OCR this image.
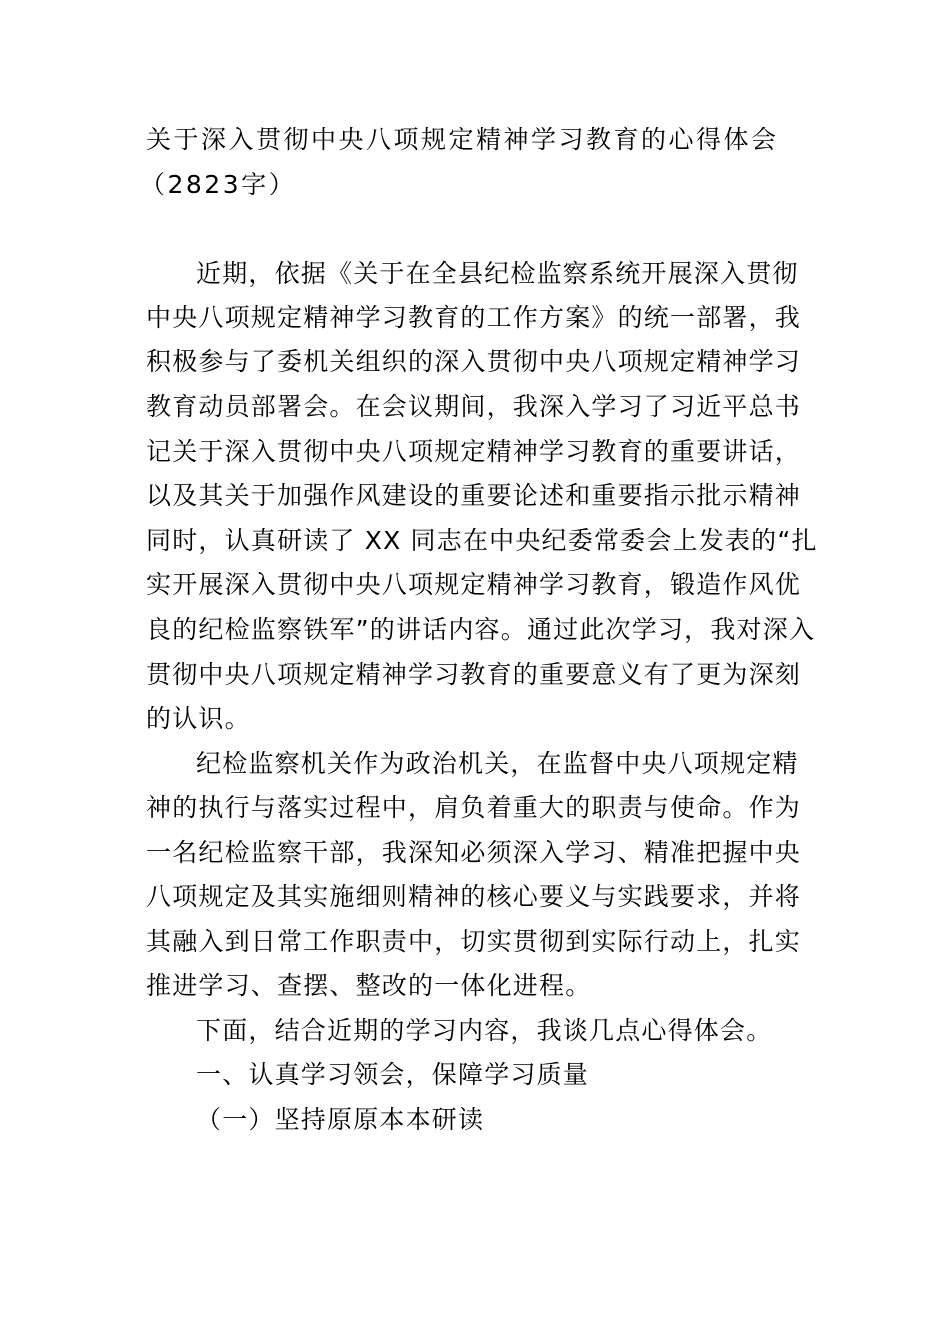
关于深入贯彻中央八项规定精神学习教育的心得体会
（2823字）
近期，依据《关于在全县纪检监察系统开展深入贯彻
中央八项规定精神学习教育的工作方案》的统一部署，我
积极参与了委机关组织的深入贯彻中央八项规定精神学习
教育动员部署会。在会议期间，我深入学习了习近平总书
记关于深入贯彻中央八项规定精神学习教育的重要讲话，
以及其关于加强作风建设的重要论述和重要指示批示精神
同时，认真研读了 XX 同志在中央纪委常委会上发表的“扎
实开展深入贯彻中央八项规定精神学习教育，锻造作风优
良的纪检监察铁军”的讲话内容。通过此次学习，我对深入
贯彻中央八项规定精神学习教育的重要意义有了更为深刻
的认识。
纪检监察机关作为政治机关，在监督中央八项规定精
神的执行与落实过程中，肩负着重大的职责与使命。作为
一名纪检监察干部，我深知必须深入学习、精准把握中央
八项规定及其实施细则精神的核心要义与实践要求，并将
其融入到日常工作职责中，切实贯彻到实际行动上，扎实
推进学习、查摆、整改的一体化进程。
下面，结合近期的学习内容，我谈几点心得体会。
一、认真学习领会，保障学习质量
（一）坚持原原本本研读
